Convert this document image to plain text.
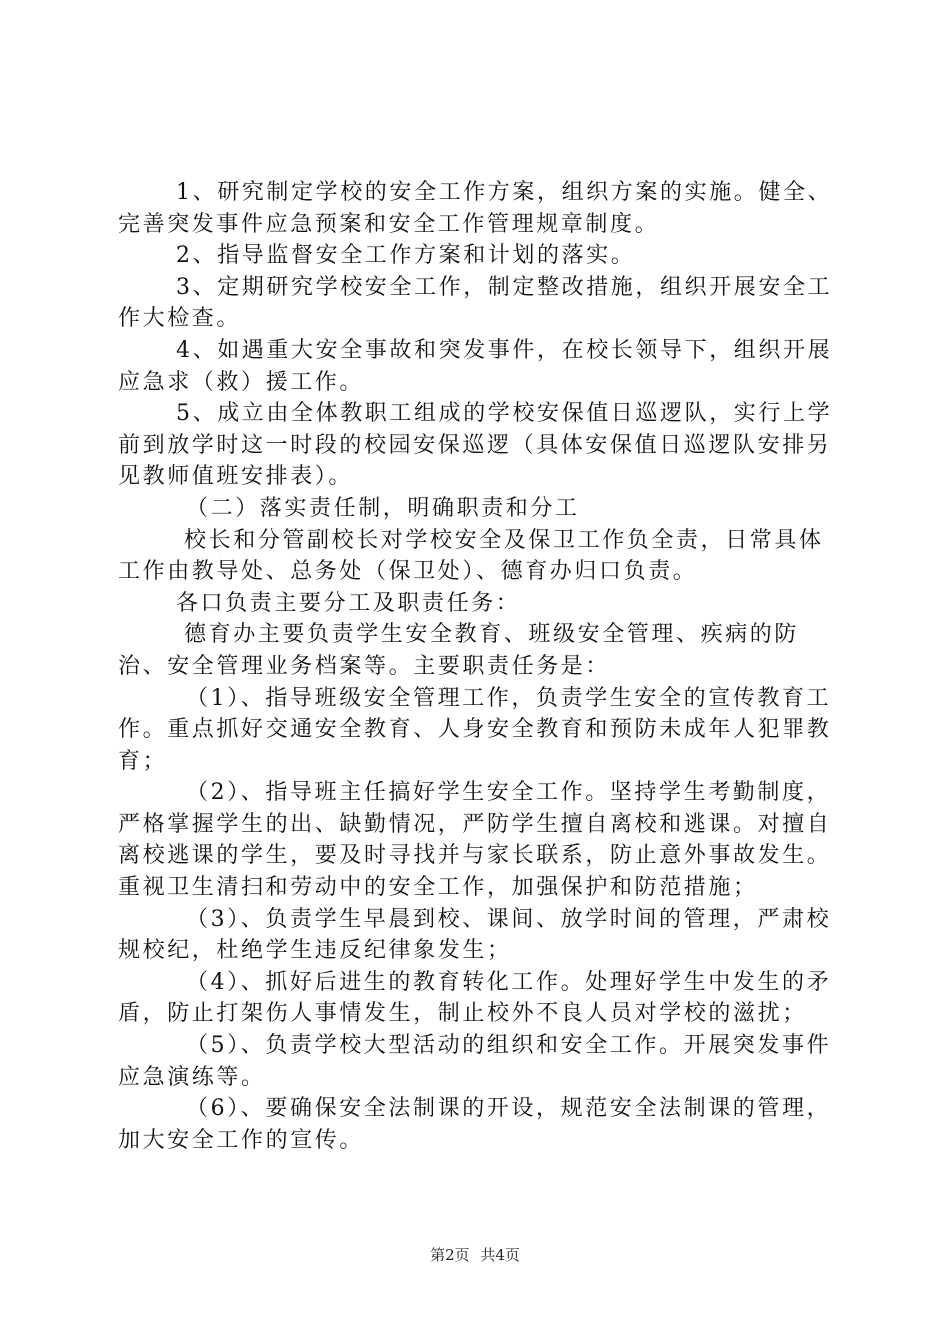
1、研究制定学校的安全工作方案，组织方案的实施。健全、完善突发事件应急预案和安全工作管理规章制度。

2、指导监督安全工作方案和计划的落实。

3、定期研究学校安全工作，制定整改措施，组织开展安全工作大检查。

4、如遇重大安全事故和突发事件，在校长领导下，组织开展应急求（救）援工作。

5、成立由全体教职工组成的学校安保值日巡逻队，实行上学前到放学时这一时段的校园安保巡逻（具体安保值日巡逻队安排另见教师值班安排表）。

（二）落实责任制，明确职责和分工

校长和分管副校长对学校安全及保卫工作负全责，日常具体工作由教导处、总务处（保卫处）、德育办归口负责。

各口负责主要分工及职责任务：

德育办主要负责学生安全教育、班级安全管理、疾病的防治、安全管理业务档案等。主要职责任务是：

（1）、指导班级安全管理工作，负责学生安全的宣传教育工作。重点抓好交通安全教育、人身安全教育和预防未成年人犯罪教育；

（2）、指导班主任搞好学生安全工作。坚持学生考勤制度，严格掌握学生的出、缺勤情况，严防学生擅自离校和逃课。对擅自离校逃课的学生，要及时寻找并与家长联系，防止意外事故发生。重视卫生清扫和劳动中的安全工作，加强保护和防范措施；

（3）、负责学生早晨到校、课间、放学时间的管理，严肃校规校纪，杜绝学生违反纪律象发生；

（4）、抓好后进生的教育转化工作。处理好学生中发生的矛盾，防止打架伤人事情发生，制止校外不良人员对学校的滋扰；

（5）、负责学校大型活动的组织和安全工作。开展突发事件应急演练等。

（6）、要确保安全法制课的开设，规范安全法制课的管理，加大安全工作的宣传。

第2页 共4页
